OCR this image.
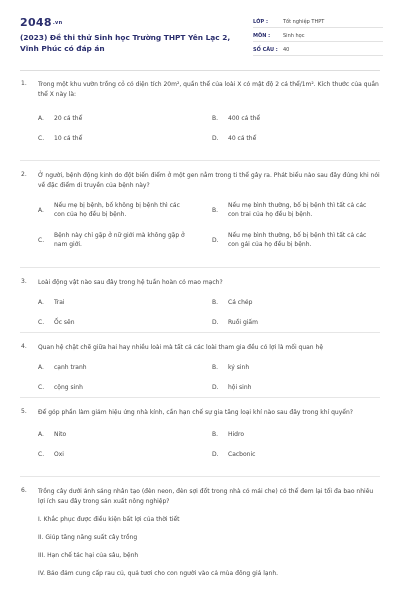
2048.vn
(2023) Đề thi thử Sinh học Trường THPT Yên Lạc 2, Vĩnh Phúc có đáp án
LỚP :	Tốt nghiệp THPT
MÔN :	Sinh học
SỐ CÂU :	40
1. Trong một khu vườn trồng cỏ có diện tích 20m², quần thể của loài X có mật độ 2 cá thể/1m². Kích thước của quần thể X này là:
A.	20 cá thể	B.	400 cá thể
C.	10 cá thể	D.	40 cá thể
2. Ở người, bệnh động kinh do đột biến điểm ở một gen nằm trong ti thể gây ra. Phát biểu nào sau đây đúng khi nói về đặc điểm di truyền của bệnh này?
A.
Nếu mẹ bị bệnh, bố không bị bệnh thì các con của họ đều bị bệnh.
B.
Nếu mẹ bình thường, bố bị bệnh thì tất cả các con trai của họ đều bị bệnh.
C.
Bệnh này chỉ gặp ở nữ giới mà không gặp ở nam giới.
D.
Nếu mẹ bình thường, bố bị bệnh thì tất cả các con gái của họ đều bị bệnh.
3. Loài động vật nào sau đây trong hệ tuần hoàn có mao mạch?
A.	Trai	B.	Cá chép
C.	Ốc sên	D.	Ruồi giấm
4. Quan hệ chặt chẽ giữa hai hay nhiều loài mà tất cả các loài tham gia đều có lợi là mối quan hệ
A.	cạnh tranh	B.	ký sinh
C.	cộng sinh	D.	hội sinh
5. Để góp phần làm giảm hiệu ứng nhà kính, cần hạn chế sự gia tăng loại khí nào sau đây trong khí quyển?
A.	Nito	B.	Hidro
C.	Oxi	D.	Cacbonic
6. Trồng cây dưới ánh sáng nhân tạo (đèn neon, đèn sợi đốt trong nhà có mái che) có thể đem lại tối đa bao nhiêu lợi ích sau đây trong sản xuất nông nghiệp?
I. Khắc phục được điều kiện bất lợi của thời tiết
II. Giúp tăng năng suất cây trồng
III. Hạn chế tác hại của sâu, bệnh
IV. Bảo đảm cung cấp rau củ, quả tươi cho con người vào cả mùa đông giá lạnh.
